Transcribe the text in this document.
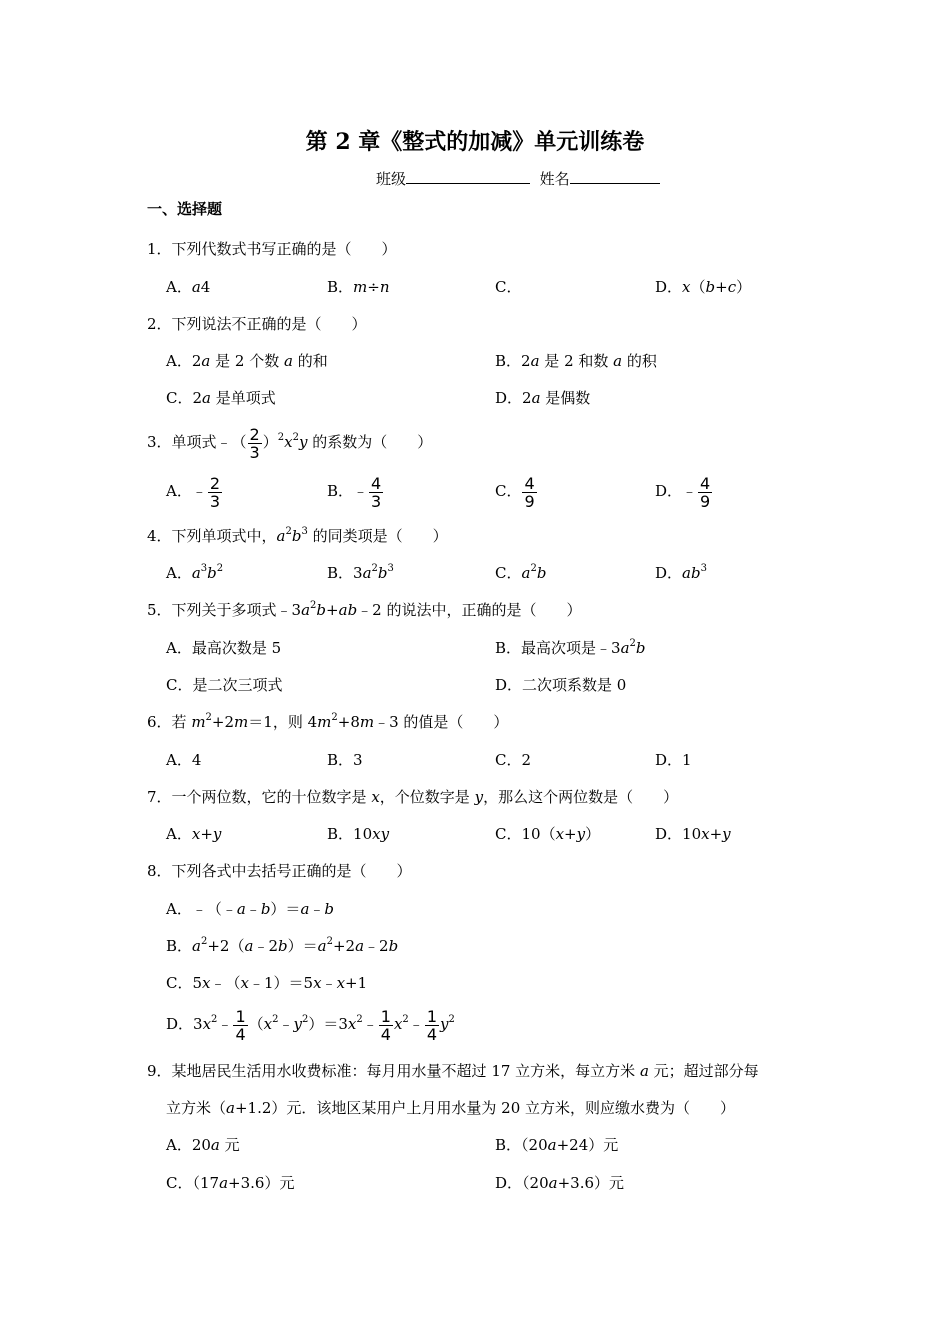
第 2 章《整式的加减》单元训练卷
班级	姓名
一、选择题
1．下列代数式书写正确的是（　　）
A．a4	B．m÷n	C．	D．x（b+c）
2．下列说法不正确的是（　　）
A．2a 是 2 个数 a 的和	B．2a 是 2 和数 a 的积
C．2a 是单项式	D．2a 是偶数
3．单项式﹣（ $\frac{2}{3} )^2x^2y$ 的系数为（　　）
A．﹣ $\frac{2}{3}$	B．﹣ $\frac{4}{3}$	C． $\frac{4}{9}$	D．﹣ $\frac{4}{9}$
4．下列单项式中，$a^2b^3$ 的同类项是（　　）
A．$a^3b^2$	B．$3a^2b^3$	C．$a^2b$	D．$ab^3$
5．下列关于多项式$﹣3a^2b+ab﹣2$ 的说法中，正确的是（　　）
A．最高次数是 5	B．最高次项是$﹣3a^2b$
C．是二次三项式	D．二次项系数是 0
6．若 $m^2+2m=1$，则 $4m^2+8m﹣3$ 的值是（　　）
A．4	B．3	C．2	D．1
7．一个两位数，它的十位数字是 x，个位数字是 y，那么这个两位数是（　　）
A．x+y	B．10xy	C．10（x+y）	D．10x+y
8．下列各式中去括号正确的是（　　）
A．﹣（﹣a﹣b）＝a﹣b
B．$a^2+2(a﹣2b)=a^2+2a﹣2b$
C．5x﹣（x﹣1）＝5x﹣x+1
D．$3x^2﹣ \frac{1}{4}$ $(x^2﹣y^2)=3x^2﹣ \frac{1}{4}$ $x^2﹣ \frac{1}{4} y^2$
9．某地居民生活用水收费标准：每月用水量不超过 17 立方米，每立方米 a 元；超过部分每
立方米（a+1.2）元．该地区某用户上月用水量为 20 立方米，则应缴水费为（　　）
A．20a 元	B．（20a+24）元
C．（17a+3.6）元	D．（20a+3.6）元
